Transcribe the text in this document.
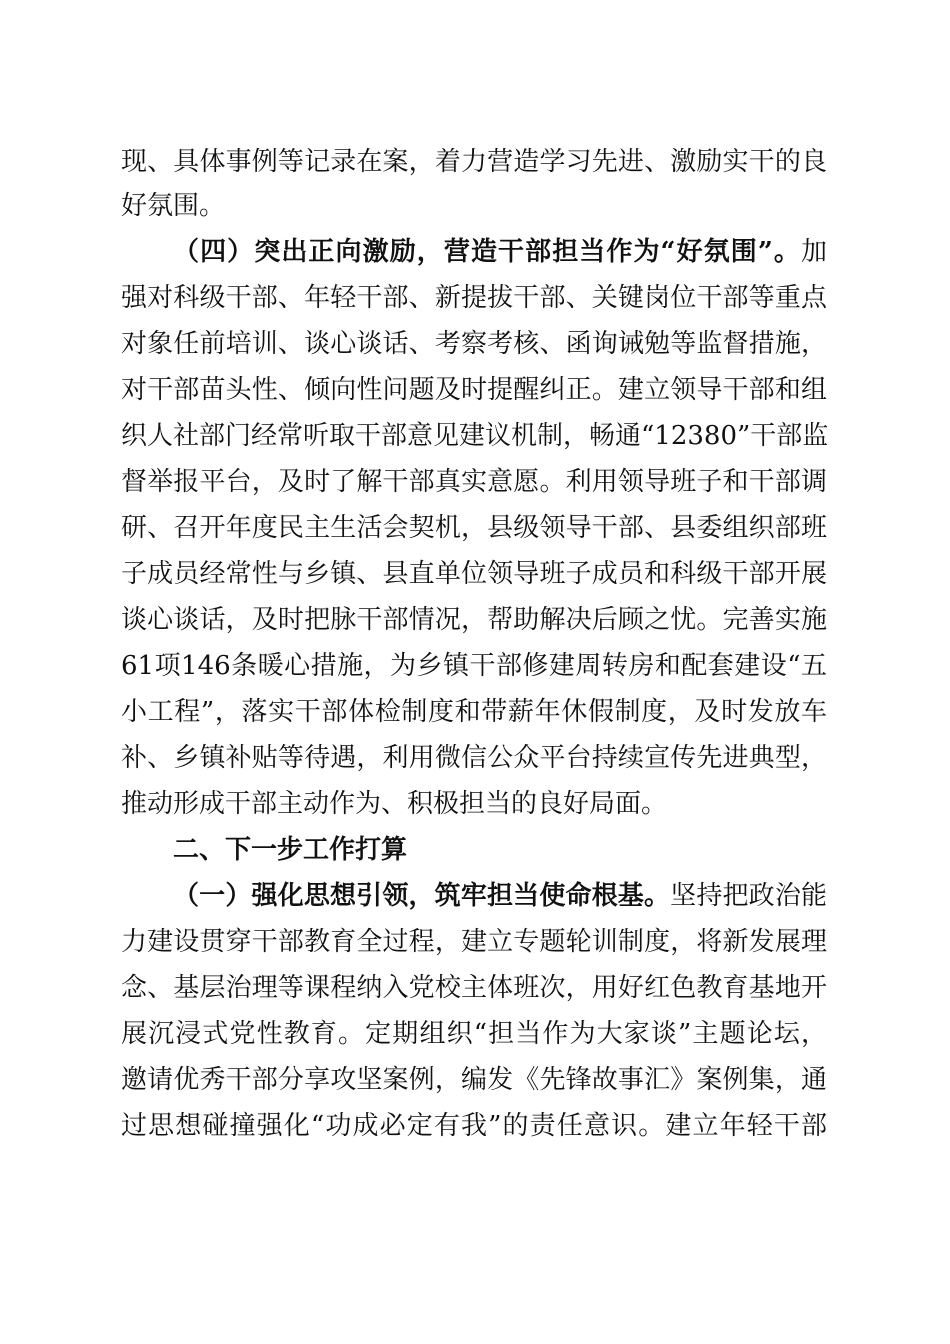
现、具体事例等记录在案，着力营造学习先进、激励实干的良
好氛围。
（四）突出正向激励，营造干部担当作为“好氛围”。加
强对科级干部、年轻干部、新提拔干部、关键岗位干部等重点
对象任前培训、谈心谈话、考察考核、函询诫勉等监督措施，
对干部苗头性、倾向性问题及时提醒纠正。建立领导干部和组
织人社部门经常听取干部意见建议机制，畅通“12380”干部监
督举报平台，及时了解干部真实意愿。利用领导班子和干部调
研、召开年度民主生活会契机，县级领导干部、县委组织部班
子成员经常性与乡镇、县直单位领导班子成员和科级干部开展
谈心谈话，及时把脉干部情况，帮助解决后顾之忧。完善实施
61项146条暖心措施，为乡镇干部修建周转房和配套建设“五
小工程”，落实干部体检制度和带薪年休假制度，及时发放车
补、乡镇补贴等待遇，利用微信公众平台持续宣传先进典型，
推动形成干部主动作为、积极担当的良好局面。
二、下一步工作打算
（一）强化思想引领，筑牢担当使命根基。坚持把政治能
力建设贯穿干部教育全过程，建立专题轮训制度，将新发展理
念、基层治理等课程纳入党校主体班次，用好红色教育基地开
展沉浸式党性教育。定期组织“担当作为大家谈”主题论坛，
邀请优秀干部分享攻坚案例，编发《先锋故事汇》案例集，通
过思想碰撞强化“功成必定有我”的责任意识。建立年轻干部
